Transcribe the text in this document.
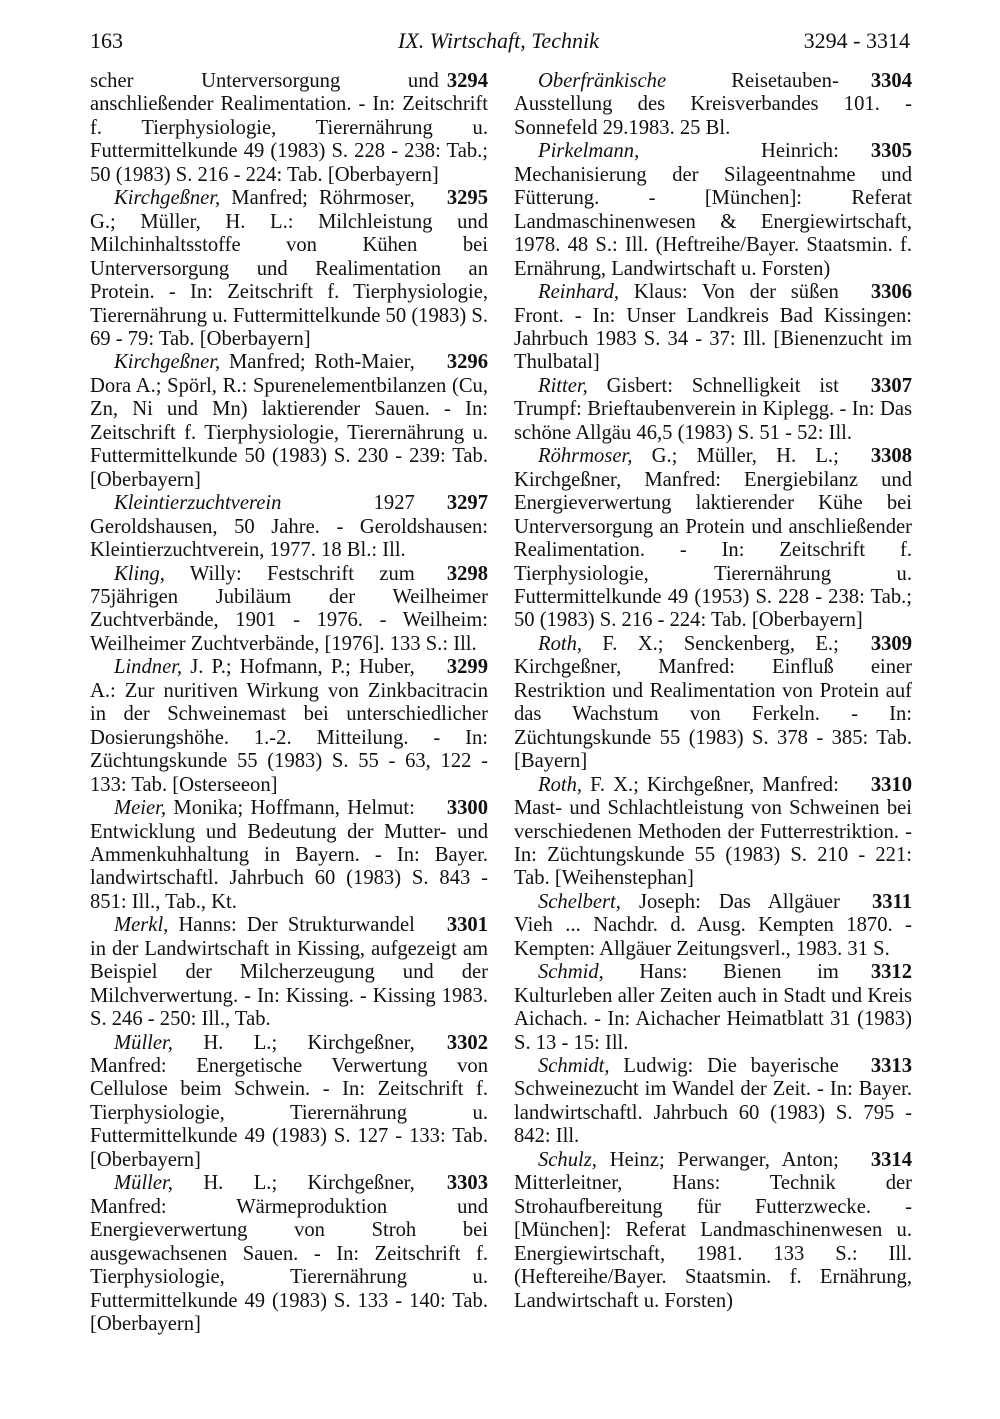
163	IX. Wirtschaft, Technik	3294 - 3314

3294
scher Unterversorgung und anschließender Realimentation. - In: Zeitschrift f. Tierphysiologie, Tierernährung u. Futtermittelkunde 49 (1983) S. 228 - 238: Tab.; 50 (1983) S. 216 - 224: Tab. [Oberbayern]

3295
Kirchgeßner, Manfred; Röhrmoser, G.; Müller, H. L.: Milchleistung und Milchinhaltsstoffe von Kühen bei Unterversorgung und Realimentation an Protein. - In: Zeitschrift f. Tierphysiologie, Tierernährung u. Futtermittelkunde 50 (1983) S. 69 - 79: Tab. [Oberbayern]

3296
Kirchgeßner, Manfred; Roth-Maier, Dora A.; Spörl, R.: Spurenelementbilanzen (Cu, Zn, Ni und Mn) laktierender Sauen. - In: Zeitschrift f. Tierphysiologie, Tierernährung u. Futtermittelkunde 50 (1983) S. 230 - 239: Tab. [Oberbayern]

3297
Kleintierzuchtverein	1927 Geroldshausen, 50 Jahre. - Geroldshausen: Kleintierzuchtverein, 1977. 18 Bl.: Ill.

3298
Kling, Willy: Festschrift zum 75jährigen Jubiläum der Weilheimer Zuchtverbände, 1901 - 1976. - Weilheim: Weilheimer Zuchtverbände, [1976]. 133 S.: Ill.

3299
Lindner, J. P.; Hofmann, P.; Huber, A.: Zur nuritiven Wirkung von Zinkbacitracin in der Schweinemast bei unterschiedlicher Dosierungshöhe. 1.-2. Mitteilung. - In: Züchtungskunde 55 (1983) S. 55 - 63, 122 - 133: Tab. [Osterseeon]

3300
Meier, Monika; Hoffmann, Helmut: Entwicklung und Bedeutung der Mutter- und Ammenkuhhaltung in Bayern. - In: Bayer. landwirtschaftl. Jahrbuch 60 (1983) S. 843 - 851: Ill., Tab., Kt.

3301
Merkl, Hanns: Der Strukturwandel in der Landwirtschaft in Kissing, aufgezeigt am Beispiel der Milcherzeugung und der Milchverwertung. - In: Kissing. - Kissing 1983. S. 246 - 250: Ill., Tab.

3302
Müller, H. L.; Kirchgeßner, Manfred: Energetische Verwertung von Cellulose beim Schwein. - In: Zeitschrift f. Tierphysiologie, Tierernährung u. Futtermittelkunde 49 (1983) S. 127 - 133: Tab. [Oberbayern]

3303
Müller, H. L.; Kirchgeßner, Manfred: Wärmeproduktion und Energieverwertung von Stroh bei ausgewachsenen Sauen. - In: Zeitschrift f. Tierphysiologie, Tierernährung u. Futtermittelkunde 49 (1983) S. 133 - 140: Tab. [Oberbayern]

3304
Oberfränkische	Reisetauben-Ausstellung des Kreisverbandes 101. - Sonnefeld 29.1983. 25 Bl.

3305
Pirkelmann,	Heinrich: Mechanisierung der Silageentnahme und Fütterung. - [München]: Referat Landmaschinenwesen & Energiewirtschaft, 1978. 48 S.: Ill. (Heftreihe/Bayer. Staatsmin. f. Ernährung, Landwirtschaft u. Forsten)

3306
Reinhard, Klaus: Von der süßen Front. - In: Unser Landkreis Bad Kissingen: Jahrbuch 1983 S. 34 - 37: Ill. [Bienenzucht im Thulbatal]

3307
Ritter, Gisbert: Schnelligkeit ist Trumpf: Brieftaubenverein in Kiplegg. - In: Das schöne Allgäu 46,5 (1983) S. 51 - 52: Ill.

3308
Röhrmoser, G.; Müller, H. L.; Kirchgeßner, Manfred: Energiebilanz und Energieverwertung laktierender Kühe bei Unterversorgung an Protein und anschließender Realimentation. - In: Zeitschrift f. Tierphysiologie, Tierernährung u. Futtermittelkunde 49 (1953) S. 228 - 238: Tab.; 50 (1983) S. 216 - 224: Tab. [Oberbayern]

3309
Roth, F. X.; Senckenberg, E.; Kirchgeßner, Manfred: Einfluß einer Restriktion und Realimentation von Protein auf das Wachstum von Ferkeln. - In: Züchtungskunde 55 (1983) S. 378 - 385: Tab. [Bayern]

3310
Roth, F. X.; Kirchgeßner, Manfred: Mast- und Schlachtleistung von Schweinen bei verschiedenen Methoden der Futterrestriktion. - In: Züchtungskunde 55 (1983) S. 210 - 221: Tab. [Weihenstephan]

3311
Schelbert, Joseph: Das Allgäuer Vieh ... Nachdr. d. Ausg. Kempten 1870. - Kempten: Allgäuer Zeitungsverl., 1983. 31 S.

3312
Schmid, Hans: Bienen im Kulturleben aller Zeiten auch in Stadt und Kreis Aichach. - In: Aichacher Heimatblatt 31 (1983) S. 13 - 15: Ill.

3313
Schmidt, Ludwig: Die bayerische Schweinezucht im Wandel der Zeit. - In: Bayer. landwirtschaftl. Jahrbuch 60 (1983) S. 795 - 842: Ill.

3314
Schulz, Heinz; Perwanger, Anton; Mitterleitner, Hans: Technik der Strohaufbereitung für Futterzwecke. - [München]: Referat Landmaschinenwesen u. Energiewirtschaft, 1981. 133 S.: Ill. (Heftereihe/Bayer. Staatsmin. f. Ernährung, Landwirtschaft u. Forsten)
